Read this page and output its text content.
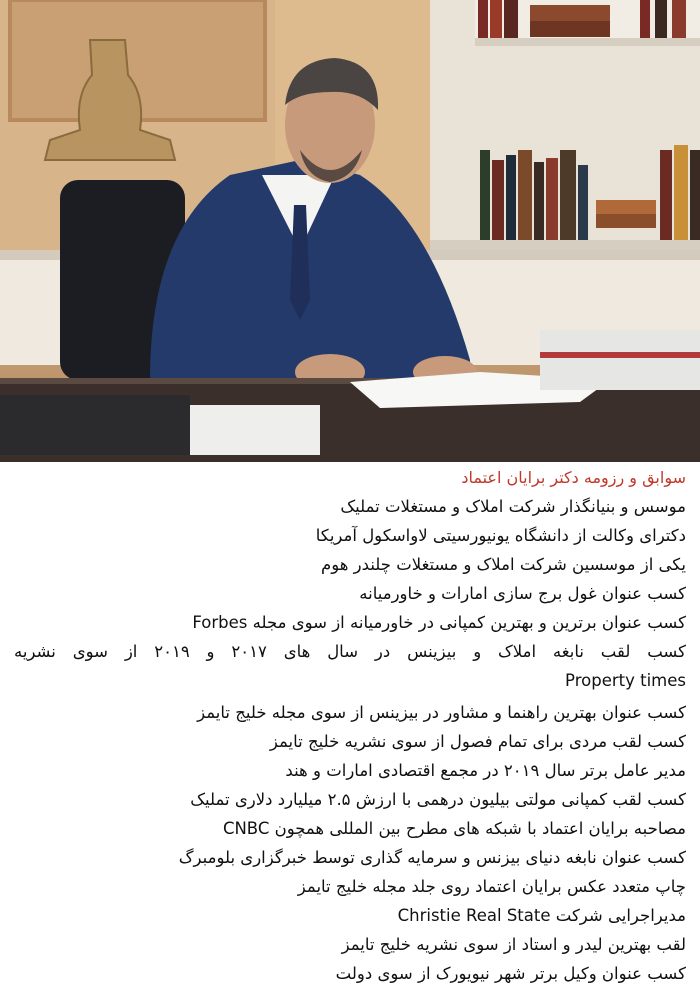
سوابق و رزومه دکتر برایان اعتماد
موسس و بنیانگذار شرکت املاک و مستغلات تملیک
دکترای وکالت از دانشگاه یونیورسیتی لاواسکول آمریکا
یکی از موسسین شرکت املاک و مستغلات چلندر هوم
کسب عنوان غول برج سازی امارات و خاورمیانه
کسب عنوان برترین و بهترین کمپانی در خاورمیانه از سوی مجله Forbes
کسب لقب نابغه املاک و بیزینس در سال های ۲۰۱۷ و ۲۰۱۹ از سوی نشریه
Property times
کسب عنوان بهترین راهنما و مشاور در بیزینس از سوی مجله خلیج تایمز
کسب لقب مردی برای تمام فصول از سوی نشریه خلیج تایمز
مدیر عامل برتر سال ۲۰۱۹ در مجمع اقتصادی امارات و هند
کسب لقب کمپانی مولتی بیلیون درهمی با ارزش ۲.۵ میلیارد دلاری تملیک
مصاحبه برایان اعتماد با شبکه های مطرح بین المللی همچون CNBC
کسب عنوان نابغه دنیای بیزنس و سرمایه گذاری توسط خبرگزاری بلومبرگ
چاپ متعدد عکس برایان اعتماد روی جلد مجله خلیج تایمز
مدیراجرایی شرکت Christie Real State
لقب بهترین لیدر و استاد از سوی نشریه خلیج تایمز
کسب عنوان وکیل برتر شهر نیویورک از سوی دولت
